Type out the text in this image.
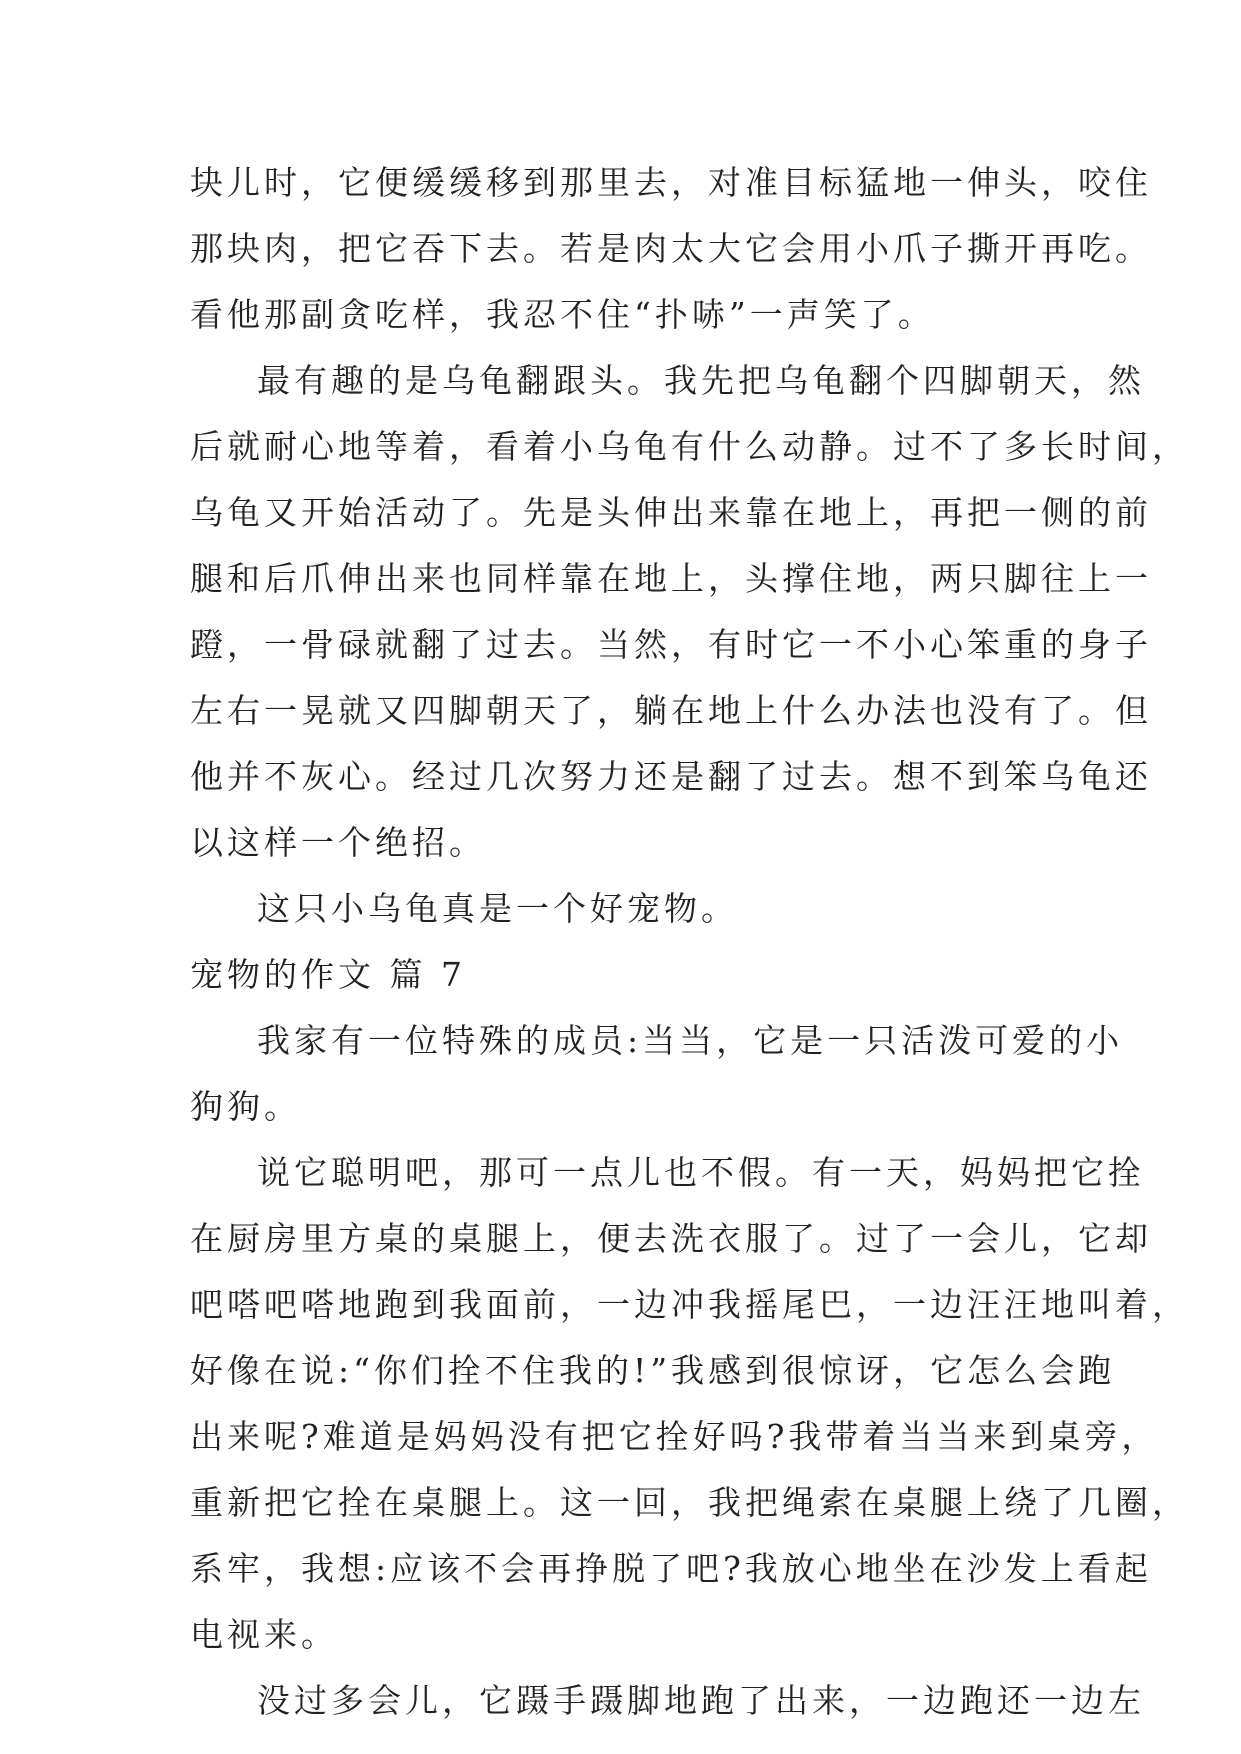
块儿时，它便缓缓移到那里去，对准目标猛地一伸头，咬住
那块肉，把它吞下去。若是肉太大它会用小爪子撕开再吃。
看他那副贪吃样，我忍不住“扑哧”一声笑了。
最有趣的是乌龟翻跟头。我先把乌龟翻个四脚朝天，然
后就耐心地等着，看着小乌龟有什么动静。过不了多长时间，
乌龟又开始活动了。先是头伸出来靠在地上，再把一侧的前
腿和后爪伸出来也同样靠在地上，头撑住地，两只脚往上一
蹬，一骨碌就翻了过去。当然，有时它一不小心笨重的身子
左右一晃就又四脚朝天了，躺在地上什么办法也没有了。但
他并不灰心。经过几次努力还是翻了过去。想不到笨乌龟还
以这样一个绝招。
这只小乌龟真是一个好宠物。
宠物的作文 篇 7
我家有一位特殊的成员:当当，它是一只活泼可爱的小
狗狗。
说它聪明吧，那可一点儿也不假。有一天，妈妈把它拴
在厨房里方桌的桌腿上，便去洗衣服了。过了一会儿，它却
吧嗒吧嗒地跑到我面前，一边冲我摇尾巴，一边汪汪地叫着，
好像在说:“你们拴不住我的!”我感到很惊讶，它怎么会跑
出来呢?难道是妈妈没有把它拴好吗?我带着当当来到桌旁，
重新把它拴在桌腿上。这一回，我把绳索在桌腿上绕了几圈，
系牢，我想:应该不会再挣脱了吧?我放心地坐在沙发上看起
电视来。
没过多会儿，它蹑手蹑脚地跑了出来，一边跑还一边左
